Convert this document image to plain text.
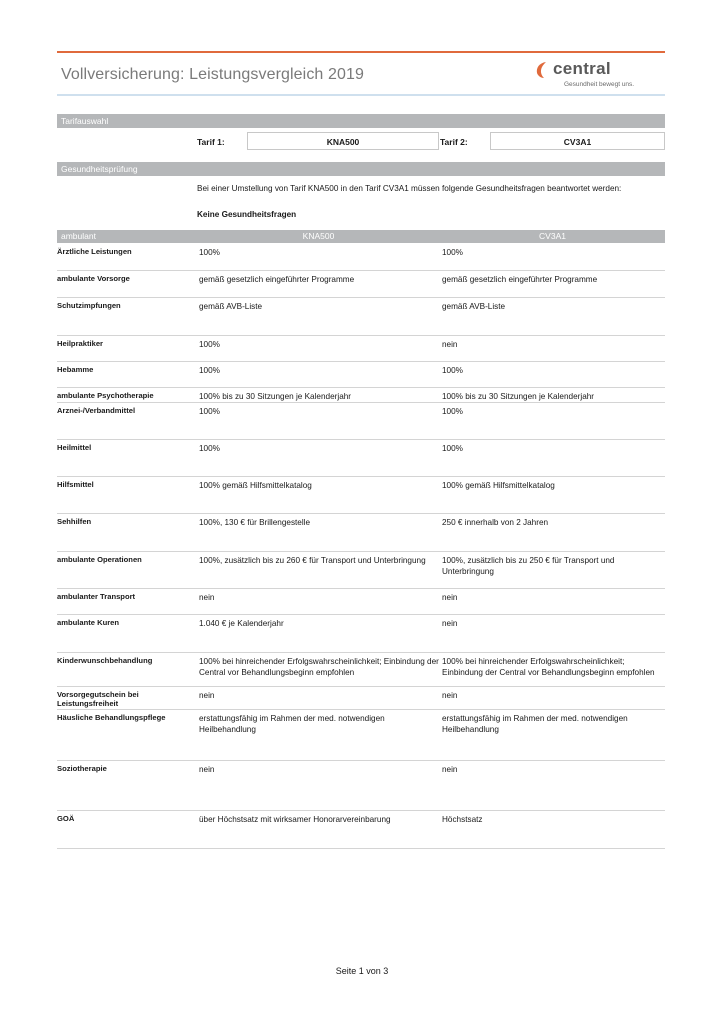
Vollversicherung: Leistungsvergleich 2019	central
Gesundheit bewegt uns.
Tarifauswahl
Tarif 1:	KNA500	Tarif 2:	CV3A1
Gesundheitsprüfung
Bei einer Umstellung von Tarif KNA500 in den Tarif CV3A1 müssen folgende Gesundheitsfragen beantwortet werden:
Keine Gesundheitsfragen
ambulant	KNA500	CV3A1
Ärztliche Leistungen	100%	100%
ambulante Vorsorge	gemäß gesetzlich eingeführter Programme	gemäß gesetzlich eingeführter Programme
Schutzimpfungen	gemäß AVB-Liste	gemäß AVB-Liste
Heilpraktiker	100%	nein
Hebamme	100%	100%
ambulante Psychotherapie	100% bis zu 30 Sitzungen je Kalenderjahr	100% bis zu 30 Sitzungen je Kalenderjahr
Arznei-/Verbandmittel	100%	100%
Heilmittel	100%	100%
Hilfsmittel	100% gemäß Hilfsmittelkatalog	100% gemäß Hilfsmittelkatalog
Sehhilfen	100%, 130 € für Brillengestelle	250 € innerhalb von 2 Jahren
ambulante Operationen	100%, zusätzlich bis zu 260 € für Transport und Unterbringung	100%, zusätzlich bis zu 250 € für Transport und Unterbringung
ambulanter Transport	nein	nein
ambulante Kuren	1.040 € je Kalenderjahr	nein
Kinderwunschbehandlung	100% bei hinreichender Erfolgswahrscheinlichkeit; Einbindung der Central vor Behandlungsbeginn empfohlen	100% bei hinreichender Erfolgswahrscheinlichkeit; Einbindung der Central vor Behandlungsbeginn empfohlen
Vorsorgegutschein bei Leistungsfreiheit	nein	nein
Häusliche Behandlungspflege	erstattungsfähig im Rahmen der med. notwendigen Heilbehandlung	erstattungsfähig im Rahmen der med. notwendigen Heilbehandlung
Soziotherapie	nein	nein
GOÄ	über Höchstsatz mit wirksamer Honorarvereinbarung	Höchstsatz
Seite 1 von 3
